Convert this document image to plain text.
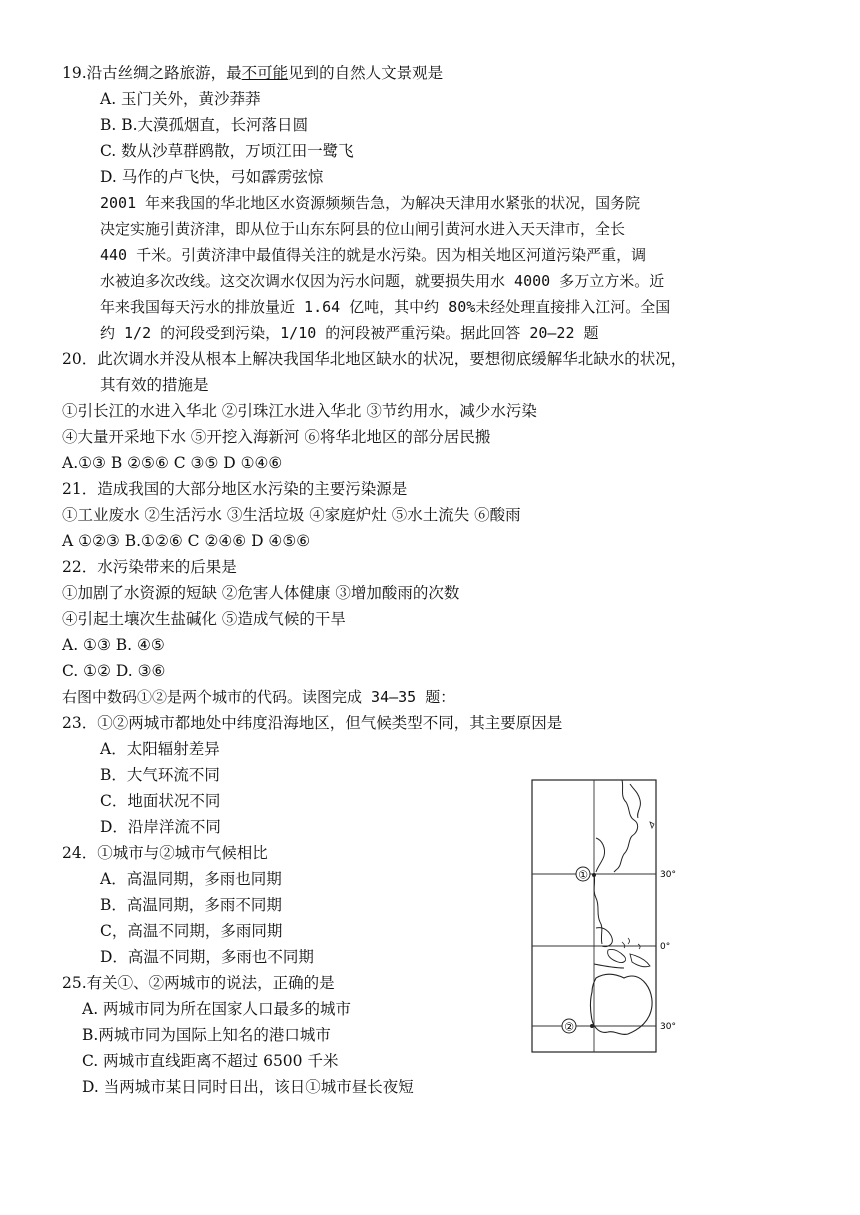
19.沿古丝绸之路旅游，最不可能见到的自然人文景观是
A. 玉门关外，黄沙莽莽
B. B.大漠孤烟直，长河落日圆
C. 数从沙草群鸥散，万顷江田一鹭飞
D. 马作的卢飞快，弓如霹雳弦惊
2001 年来我国的华北地区水资源频频告急，为解决天津用水紧张的状况，国务院
决定实施引黄济津，即从位于山东东阿县的位山闸引黄河水进入天天津市，全长
440 千米。引黄济津中最值得关注的就是水污染。因为相关地区河道污染严重，调
水被迫多次改线。这交次调水仅因为污水问题，就要损失用水 4000 多万立方米。近
年来我国每天污水的排放量近 1.64 亿吨，其中约 80%未经处理直接排入江河。全国
约 1/2 的河段受到污染，1/10 的河段被严重污染。据此回答 20—22 题
20．此次调水并没从根本上解决我国华北地区缺水的状况，要想彻底缓解华北缺水的状况，
其有效的措施是
①引长江的水进入华北 ②引珠江水进入华北 ③节约用水，减少水污染
④大量开采地下水 ⑤开挖入海新河 ⑥将华北地区的部分居民搬
A.①③ B ②⑤⑥ C ③⑤ D ①④⑥
21．造成我国的大部分地区水污染的主要污染源是
①工业废水 ②生活污水 ③生活垃圾 ④家庭炉灶 ⑤水土流失 ⑥酸雨
A ①②③ B.①②⑥ C ②④⑥ D ④⑤⑥
22．水污染带来的后果是
①加剧了水资源的短缺 ②危害人体健康 ③增加酸雨的次数
④引起土壤次生盐碱化 ⑤造成气候的干旱
A. ①③ B. ④⑤
C. ①② D. ③⑥
右图中数码①②是两个城市的代码。读图完成 34—35 题：
23．①②两城市都地处中纬度沿海地区，但气候类型不同，其主要原因是
A．太阳辐射差异
B．大气环流不同
C．地面状况不同
D．沿岸洋流不同
24．①城市与②城市气候相比
A．高温同期，多雨也同期
B．高温同期，多雨不同期
C，高温不同期，多雨同期
D．高温不同期，多雨也不同期
25.有关①、②两城市的说法，正确的是
A. 两城市同为所在国家人口最多的城市
B.两城市同为国际上知名的港口城市
C. 两城市直线距离不超过 6500 千米
D. 当两城市某日同时日出，该日①城市昼长夜短
①
②
30°
0°
30°
